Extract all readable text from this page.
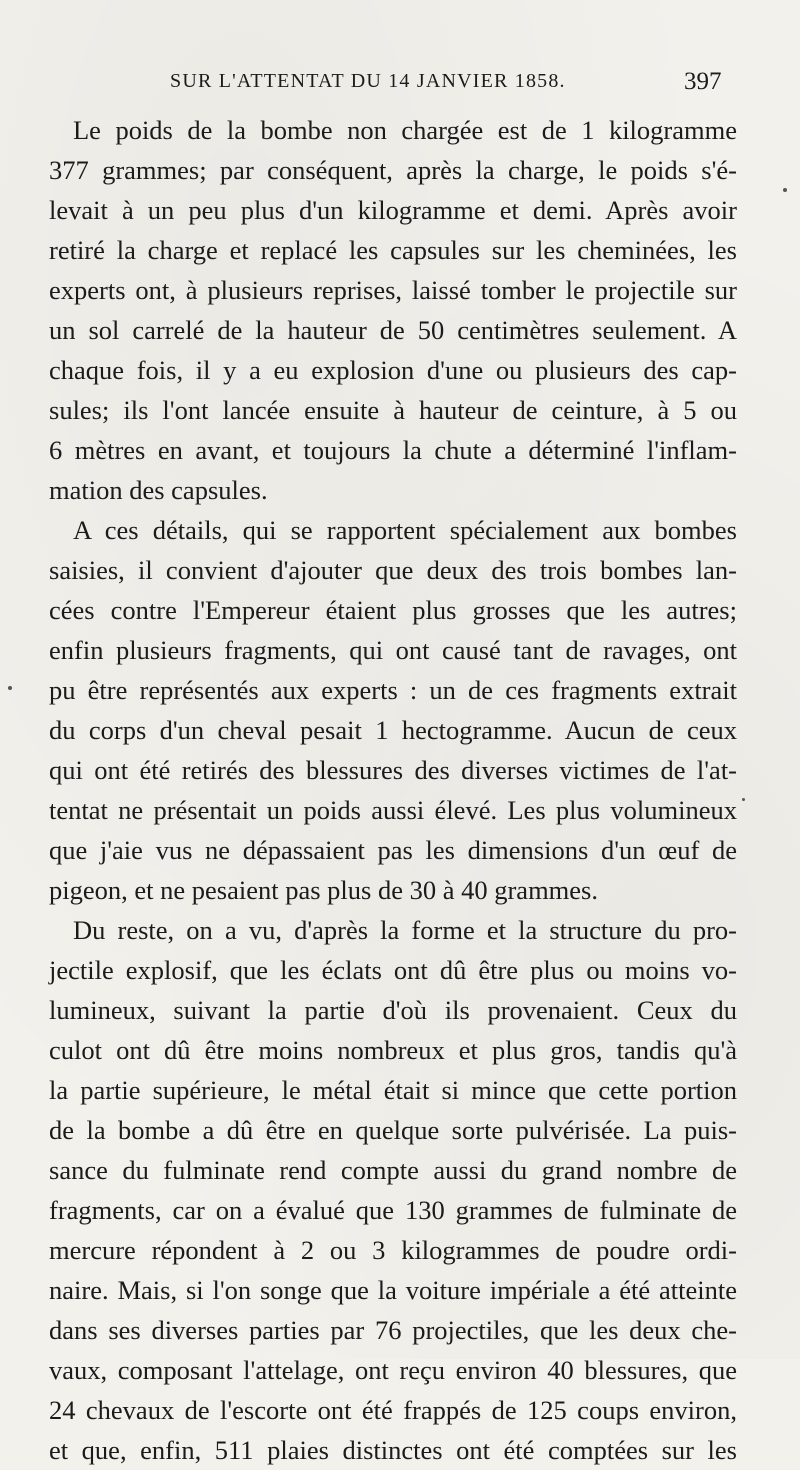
SUR L'ATTENTAT DU 14 JANVIER 1858.	397
Le poids de la bombe non chargée est de 1 kilogramme
377 grammes; par conséquent, après la charge, le poids s'é-
levait à un peu plus d'un kilogramme et demi. Après avoir
retiré la charge et replacé les capsules sur les cheminées, les
experts ont, à plusieurs reprises, laissé tomber le projectile sur
un sol carrelé de la hauteur de 50 centimètres seulement. A
chaque fois, il y a eu explosion d'une ou plusieurs des cap-
sules; ils l'ont lancée ensuite à hauteur de ceinture, à 5 ou
6 mètres en avant, et toujours la chute a déterminé l'inflam-
mation des capsules.
A ces détails, qui se rapportent spécialement aux bombes
saisies, il convient d'ajouter que deux des trois bombes lan-
cées contre l'Empereur étaient plus grosses que les autres;
enfin plusieurs fragments, qui ont causé tant de ravages, ont
pu être représentés aux experts : un de ces fragments extrait
du corps d'un cheval pesait 1 hectogramme. Aucun de ceux
qui ont été retirés des blessures des diverses victimes de l'at-
tentat ne présentait un poids aussi élevé. Les plus volumineux
que j'aie vus ne dépassaient pas les dimensions d'un œuf de
pigeon, et ne pesaient pas plus de 30 à 40 grammes.
Du reste, on a vu, d'après la forme et la structure du pro-
jectile explosif, que les éclats ont dû être plus ou moins vo-
lumineux, suivant la partie d'où ils provenaient. Ceux du
culot ont dû être moins nombreux et plus gros, tandis qu'à
la partie supérieure, le métal était si mince que cette portion
de la bombe a dû être en quelque sorte pulvérisée. La puis-
sance du fulminate rend compte aussi du grand nombre de
fragments, car on a évalué que 130 grammes de fulminate de
mercure répondent à 2 ou 3 kilogrammes de poudre ordi-
naire. Mais, si l'on songe que la voiture impériale a été atteinte
dans ses diverses parties par 76 projectiles, que les deux che-
vaux, composant l'attelage, ont reçu environ 40 blessures, que
24 chevaux de l'escorte ont été frappés de 125 coups environ,
et que, enfin, 511 plaies distinctes ont été comptées sur les
